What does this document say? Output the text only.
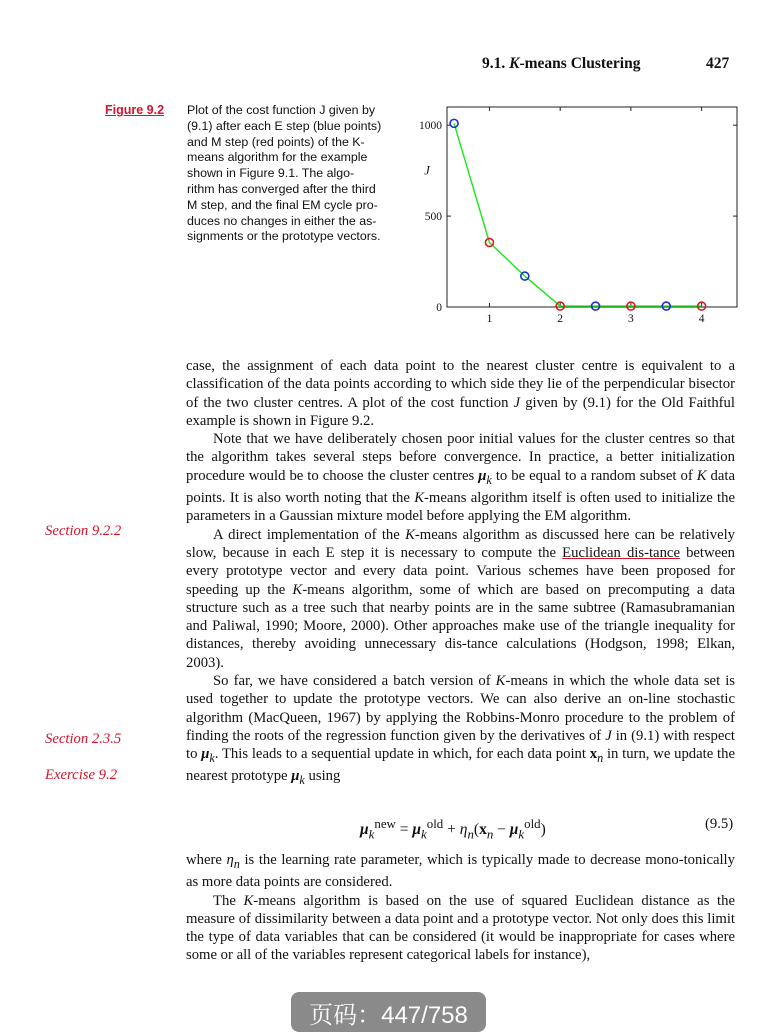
9.1. K-means Clustering	427
Figure 9.2 Plot of the cost function J given by
(9.1) after each E step (blue points)
and M step (red points) of the K-
means algorithm for the example
shown in Figure 9.1. The algo-
rithm has converged after the third
M step, and the final EM cycle pro-
duces no changes in either the as-
signments or the prototype vectors.
0
500
1000
1	2	3	4
J

case, the assignment of each data point to the nearest cluster centre is equivalent to a classification of the data points according to which side they lie of the perpendicular bisector of the two cluster centres. A plot of the cost function J given by (9.1) for the Old Faithful example is shown in Figure 9.2.

Note that we have deliberately chosen poor initial values for the cluster centres so that the algorithm takes several steps before convergence. In practice, a better initialization procedure would be to choose the cluster centres $\mu_k$ to be equal to a random subset of K data points. It is also worth noting that the K-means algorithm itself is often used to initialize the parameters in a Gaussian mixture model before applying the EM algorithm.

A direct implementation of the K-means algorithm as discussed here can be relatively slow, because in each E step it is necessary to compute the Euclidean dis-tance between every prototype vector and every data point. Various schemes have been proposed for speeding up the K-means algorithm, some of which are based on precomputing a data structure such as a tree such that nearby points are in the same subtree (Ramasubramanian and Paliwal, 1990; Moore, 2000). Other approaches make use of the triangle inequality for distances, thereby avoiding unnecessary dis-tance calculations (Hodgson, 1998; Elkan, 2003).

So far, we have considered a batch version of K-means in which the whole data set is used together to update the prototype vectors. We can also derive an on-line stochastic algorithm (MacQueen, 1967) by applying the Robbins-Monro procedure to the problem of finding the roots of the regression function given by the derivatives of J in (9.1) with respect to $\mu_k$. This leads to a sequential update in which, for each data point $x_n$ in turn, we update the nearest prototype $\mu_k$ using

$\mu_k^{new} = \mu_k^{old} + \eta_n(x_n - \mu_k^{old})$	(9.5)

where $\eta_n$ is the learning rate parameter, which is typically made to decrease mono-tonically as more data points are considered.

The K-means algorithm is based on the use of squared Euclidean distance as the measure of dissimilarity between a data point and a prototype vector. Not only does this limit the type of data variables that can be considered (it would be inappropriate for cases where some or all of the variables represent categorical labels for instance),

Section 9.2.2
Section 2.3.5
Exercise 9.2
页码：447/758
